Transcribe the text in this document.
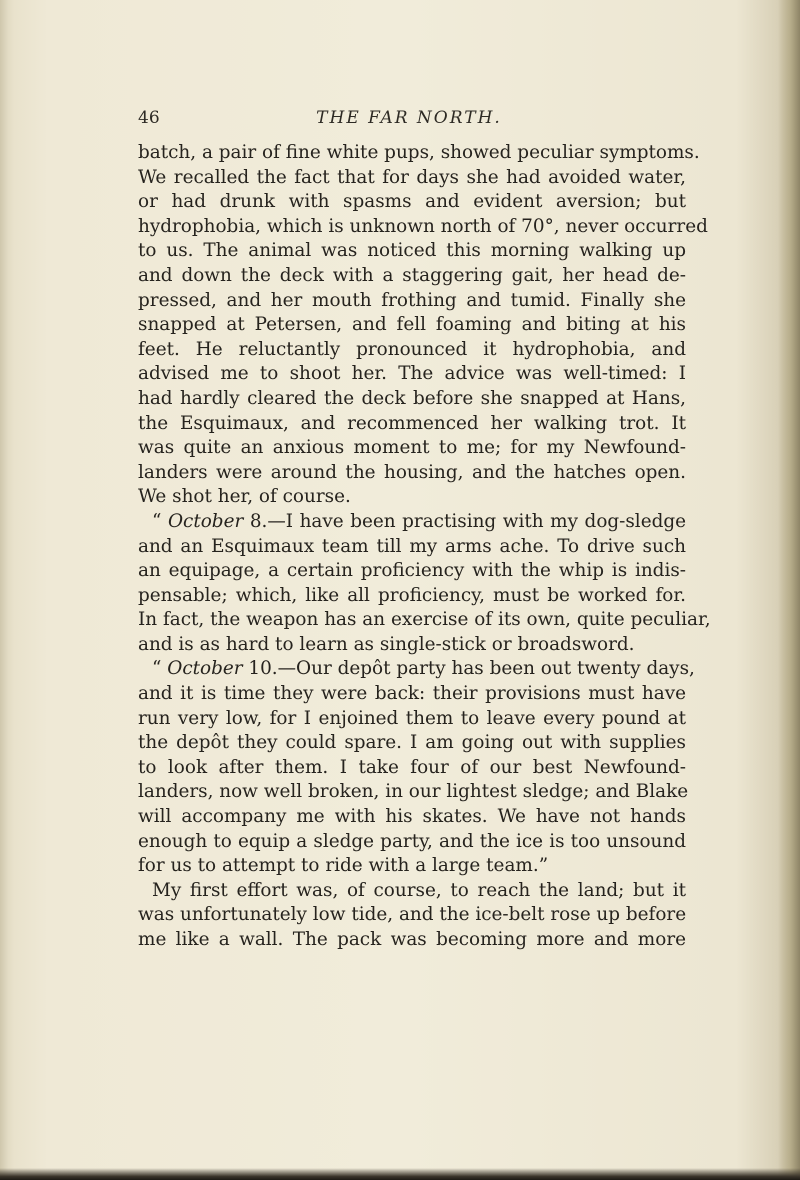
46	THE FAR NORTH.
batch, a pair of fine white pups, showed peculiar symptoms.
We recalled the fact that for days she had avoided water,
or had drunk with spasms and evident aversion; but
hydrophobia, which is unknown north of 70°, never occurred
to us. The animal was noticed this morning walking up
and down the deck with a staggering gait, her head de-
pressed, and her mouth frothing and tumid. Finally she
snapped at Petersen, and fell foaming and biting at his
feet. He reluctantly pronounced it hydrophobia, and
advised me to shoot her. The advice was well-timed: I
had hardly cleared the deck before she snapped at Hans,
the Esquimaux, and recommenced her walking trot. It
was quite an anxious moment to me; for my Newfound-
landers were around the housing, and the hatches open.
We shot her, of course.
“ October 8.—I have been practising with my dog-sledge
and an Esquimaux team till my arms ache. To drive such
an equipage, a certain proficiency with the whip is indis-
pensable; which, like all proficiency, must be worked for.
In fact, the weapon has an exercise of its own, quite peculiar,
and is as hard to learn as single-stick or broadsword.
“ October 10.—Our depôt party has been out twenty days,
and it is time they were back: their provisions must have
run very low, for I enjoined them to leave every pound at
the depôt they could spare. I am going out with supplies
to look after them. I take four of our best Newfound-
landers, now well broken, in our lightest sledge; and Blake
will accompany me with his skates. We have not hands
enough to equip a sledge party, and the ice is too unsound
for us to attempt to ride with a large team.”
My first effort was, of course, to reach the land; but it
was unfortunately low tide, and the ice-belt rose up before
me like a wall. The pack was becoming more and more
